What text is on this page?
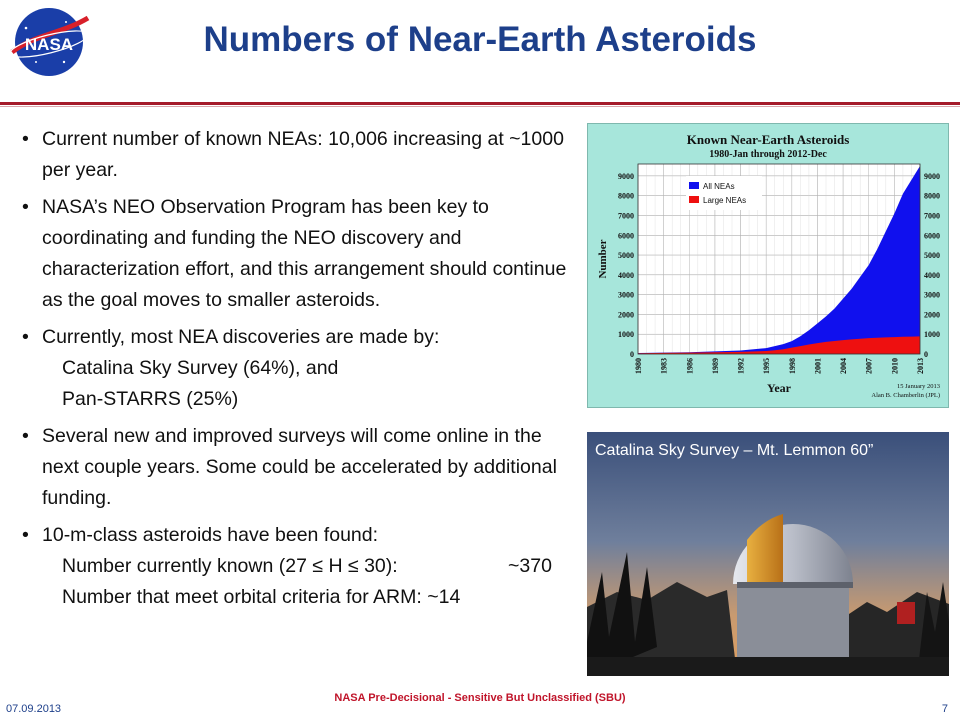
NASA	Numbers of Near-Earth Asteroids
• Current number of known NEAs: 10,006 increasing at ~1000 per year.
• NASA’s NEO Observation Program has been key to coordinating and funding the NEO discovery and characterization effort, and this arrangement should continue as the goal moves to smaller asteroids.
• Currently, most NEA discoveries are made by:
Catalina Sky Survey (64%), and
Pan-STARRS (25%)
• Several new and improved surveys will come online in the next couple years. Some could be accelerated by additional funding.
• 10-m-class asteroids have been found:
Number currently known (27 ≤ H ≤ 30):	~370
Number that meet orbital criteria for ARM: ~14
Known Near-Earth Asteroids
1980-Jan through 2012-Dec
0
1000
2000
3000
4000
5000
6000
7000
8000
9000
0
1000
2000
3000
4000
5000
6000
7000
8000
9000
1980 1983 1986 1989 1992 1995 1998 2001 2004 2007 2010 2013
Number
Year
All NEAs
Large NEAs
15 January 2013
Alan B. Chamberlin (JPL)
Catalina Sky Survey – Mt. Lemmon 60”
07.09.2013
NASA Pre-Decisional - Sensitive But Unclassified (SBU)
7
